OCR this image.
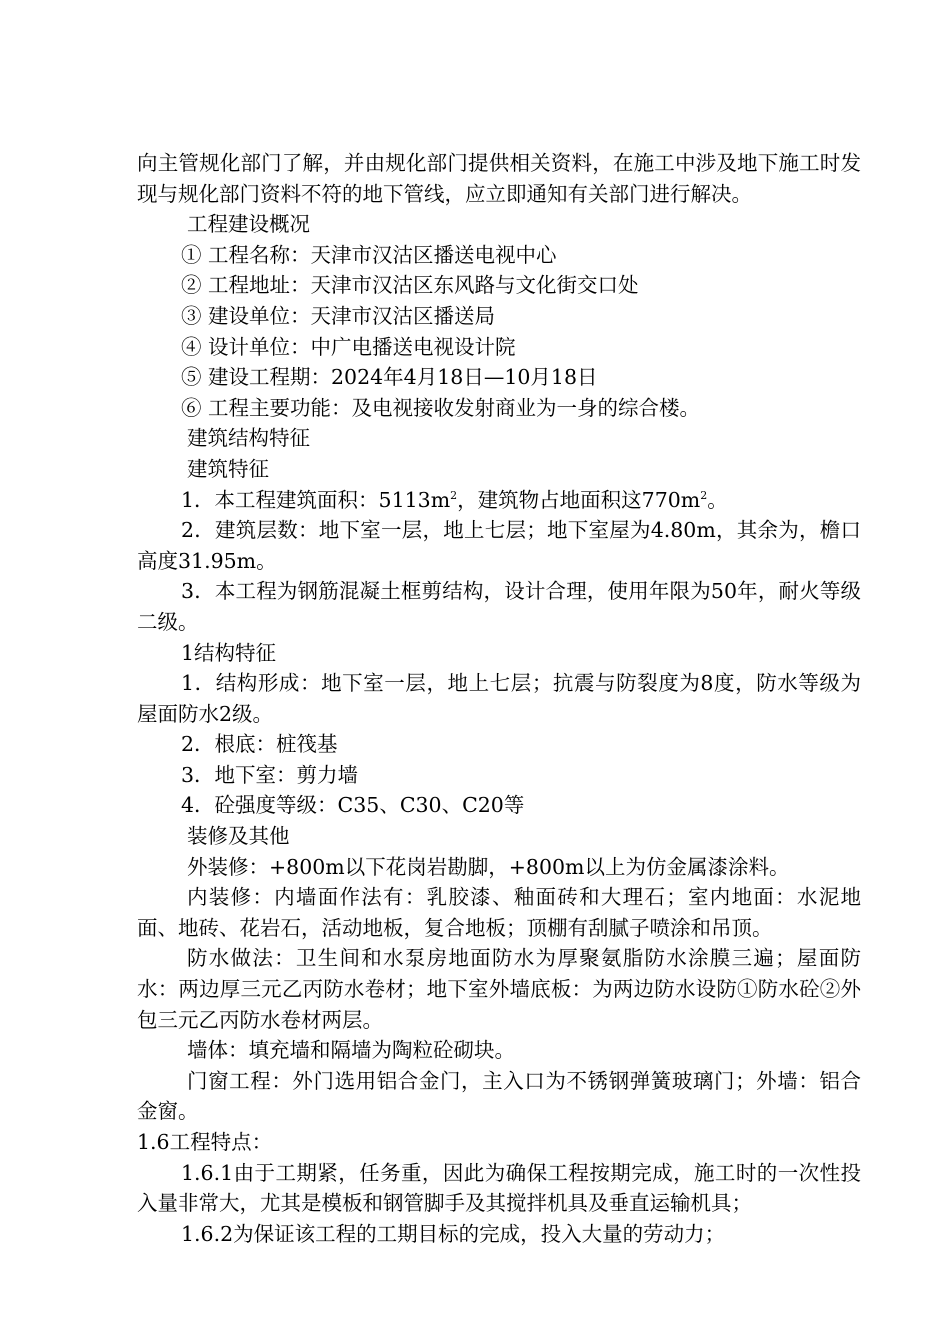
向主管规化部门了解，并由规化部门提供相关资料，在施工中涉及地下施工时发现与规化部门资料不符的地下管线，应立即通知有关部门进行解决。

工程建设概况

① 工程名称：天津市汉沽区播送电视中心

② 工程地址：天津市汉沽区东风路与文化街交口处

③ 建设单位：天津市汉沽区播送局

④ 设计单位：中广电播送电视设计院

⑤ 建设工程期：2024年4月18日—10月18日

⑥ 工程主要功能：及电视接收发射商业为一身的综合楼。

建筑结构特征

建筑特征

1．本工程建筑面积：$5113m^2$，建筑物占地面积这$770m^2$。

2．建筑层数：地下室一层，地上七层；地下室屋为4.80m，其余为，檐口高度31.95m。

3．本工程为钢筋混凝土框剪结构，设计合理，使用年限为50年，耐火等级二级。

1结构特征

1．结构形成：地下室一层，地上七层；抗震与防裂度为8度，防水等级为屋面防水2级。

2．根底：桩筏基

3．地下室：剪力墙

4．砼强度等级：C35、C30、C20等

装修及其他

外装修：+800m以下花岗岩勘脚，+800m以上为仿金属漆涂料。

内装修：内墙面作法有：乳胶漆、釉面砖和大理石；室内地面：水泥地面、地砖、花岩石，活动地板，复合地板；顶棚有刮腻子喷涂和吊顶。

防水做法：卫生间和水泵房地面防水为厚聚氨脂防水涂膜三遍；屋面防水：两边厚三元乙丙防水卷材；地下室外墙底板：为两边防水设防①防水砼②外包三元乙丙防水卷材两层。

墙体：填充墙和隔墙为陶粒砼砌块。

门窗工程：外门选用铝合金门，主入口为不锈钢弹簧玻璃门；外墙：铝合金窗。

1.6工程特点：

1.6.1由于工期紧，任务重，因此为确保工程按期完成，施工时的一次性投入量非常大，尤其是模板和钢管脚手及其搅拌机具及垂直运输机具；

1.6.2为保证该工程的工期目标的完成，投入大量的劳动力；
